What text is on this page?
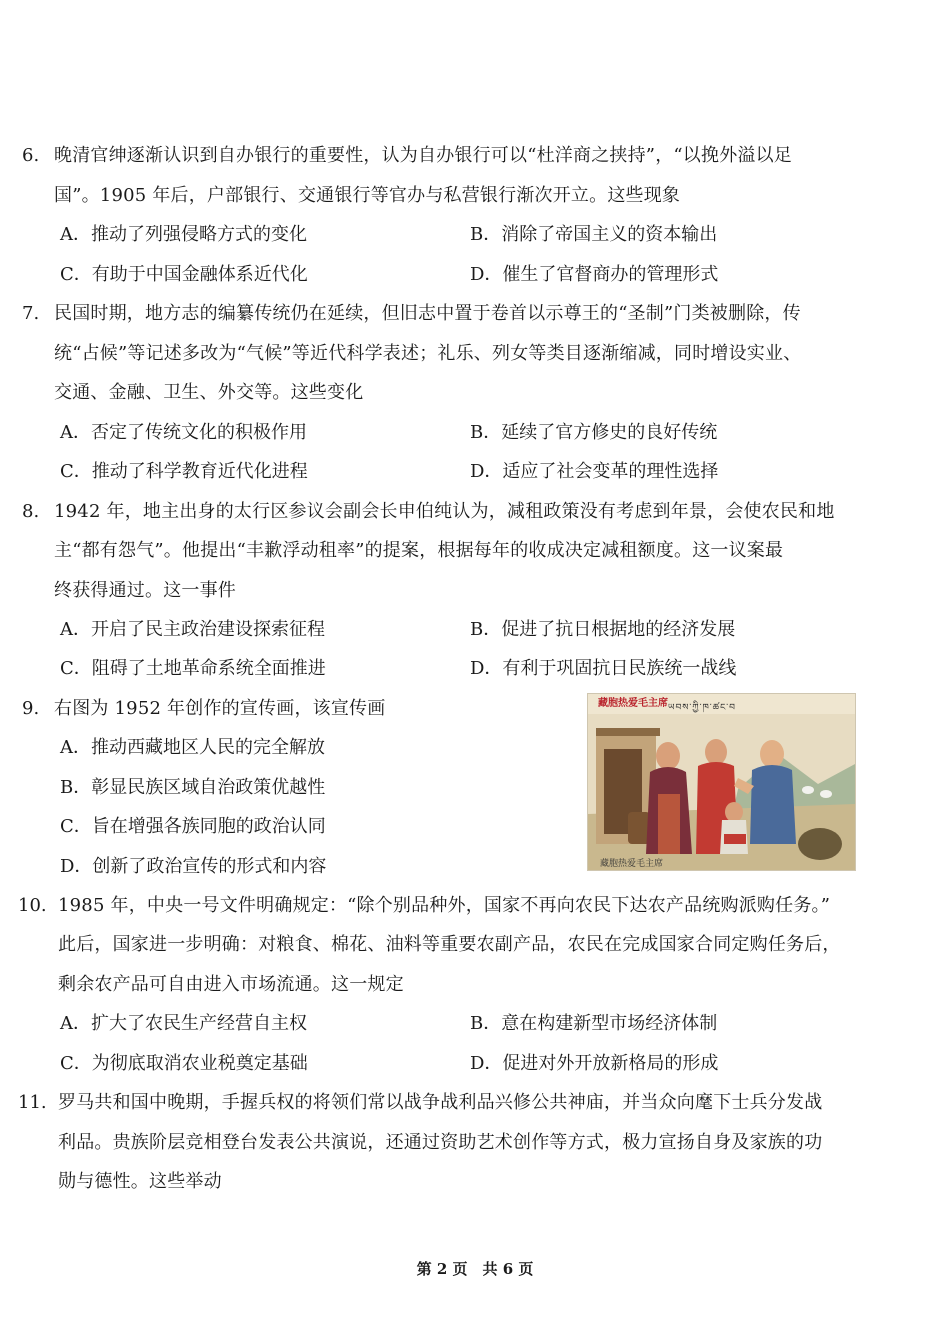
6. 晚清官绅逐渐认识到自办银行的重要性，认为自办银行可以“杜洋商之挟持”，“以挽外溢以足
国”。1905 年后，户部银行、交通银行等官办与私营银行渐次开立。这些现象
A．推动了列强侵略方式的变化	B．消除了帝国主义的资本输出
C．有助于中国金融体系近代化	D．催生了官督商办的管理形式
7. 民国时期，地方志的编纂传统仍在延续，但旧志中置于卷首以示尊王的“圣制”门类被删除，传
统“占候”等记述多改为“气候”等近代科学表述；礼乐、列女等类目逐渐缩减，同时增设实业、
交通、金融、卫生、外交等。这些变化
A．否定了传统文化的积极作用	B．延续了官方修史的良好传统
C．推动了科学教育近代化进程	D．适应了社会变革的理性选择
8. 1942 年，地主出身的太行区参议会副会长申伯纯认为，减租政策没有考虑到年景，会使农民和地
主“都有怨气”。他提出“丰歉浮动租率”的提案，根据每年的收成决定减租额度。这一议案最
终获得通过。这一事件
A．开启了民主政治建设探索征程	B．促进了抗日根据地的经济发展
C．阻碍了土地革命系统全面推进	D．有利于巩固抗日民族统一战线
9. 右图为 1952 年创作的宣传画，该宣传画
A．推动西藏地区人民的完全解放
B．彰显民族区域自治政策优越性
C．旨在增强各族同胞的政治认同
D．创新了政治宣传的形式和内容
藏胞热爱毛主席 ཡབས་ཀྱི་ཁ་ཚང་བ
藏胞热爱毛主席
10. 1985 年，中央一号文件明确规定：“除个别品种外，国家不再向农民下达农产品统购派购任务。”
此后，国家进一步明确：对粮食、棉花、油料等重要农副产品，农民在完成国家合同定购任务后，
剩余农产品可自由进入市场流通。这一规定
A．扩大了农民生产经营自主权	B．意在构建新型市场经济体制
C．为彻底取消农业税奠定基础	D．促进对外开放新格局的形成
11. 罗马共和国中晚期，手握兵权的将领们常以战争战利品兴修公共神庙，并当众向麾下士兵分发战
利品。贵族阶层竞相登台发表公共演说，还通过资助艺术创作等方式，极力宣扬自身及家族的功
勋与德性。这些举动
第 2 页　共 6 页
